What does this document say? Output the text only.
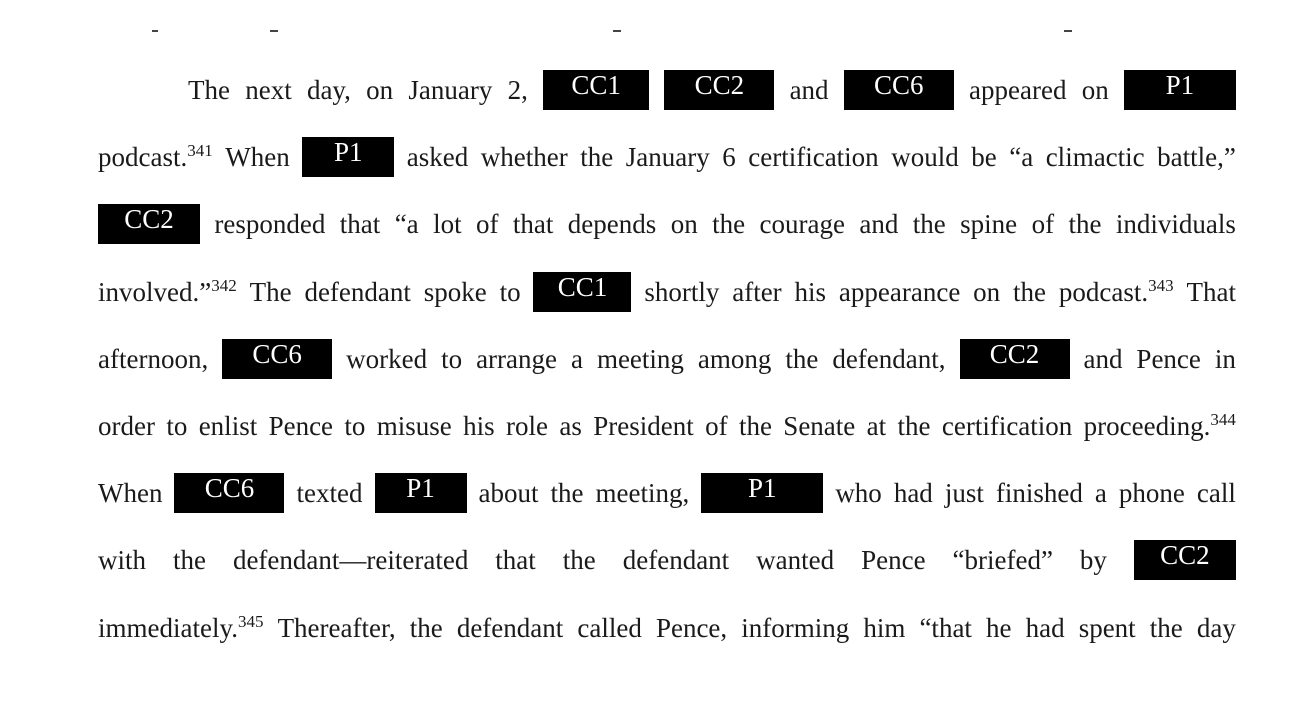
The next day, on January 2,	CC1	CC2	and	CC6	appeared on	P1
podcast.$^{341}$ When	P1	asked whether the January 6 certification would be “a climactic battle,”
CC2	responded that “a lot of that depends on the courage and the spine of the individuals
involved.”$^{342}$ The defendant spoke to	CC1	shortly after his appearance on the podcast.$^{343}$ That
afternoon,	CC6	worked to arrange a meeting among the defendant,	CC2	and Pence in
order to enlist Pence to misuse his role as President of the Senate at the certification proceeding.$^{344}$
When	CC6	texted	P1	about the meeting,	P1	who had just finished a phone call
with the defendant—reiterated that the defendant wanted Pence “briefed” by	CC2
immediately.$^{345}$ Thereafter, the defendant called Pence, informing him “that he had spent the day
